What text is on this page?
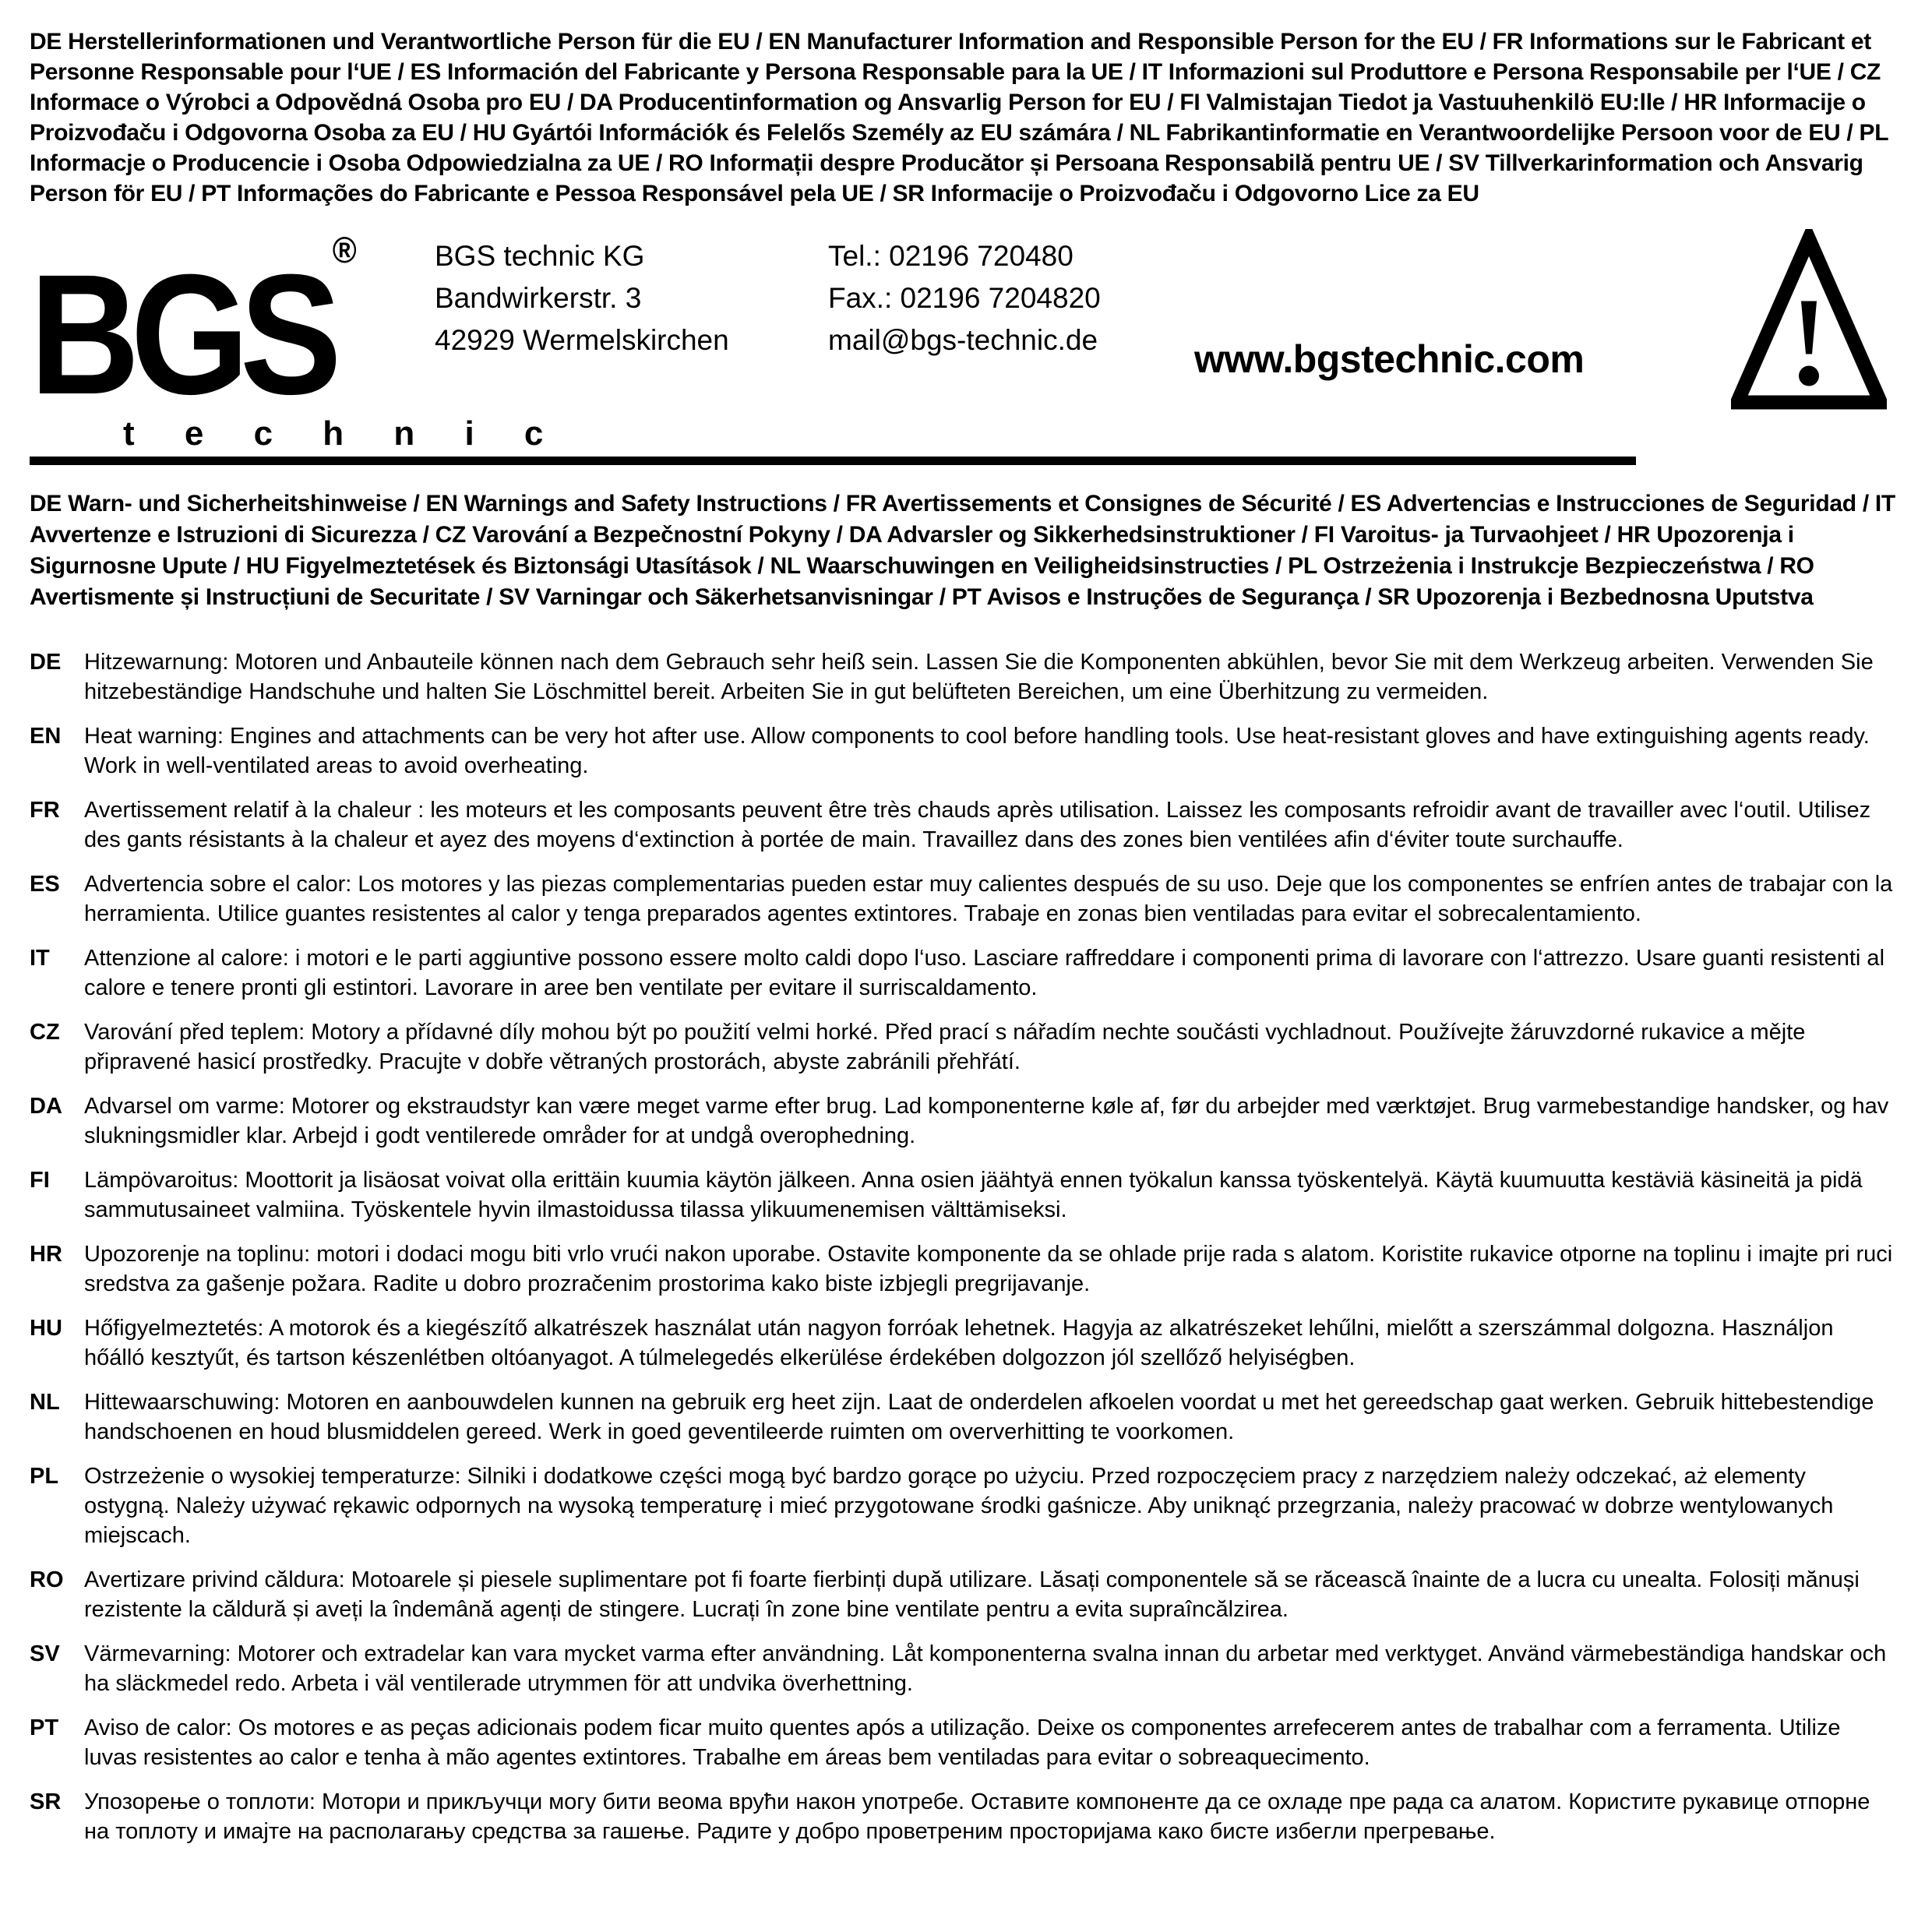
DE Herstellerinformationen und Verantwortliche Person für die EU / EN Manufacturer Information and Responsible Person for the EU / FR Informations sur le Fabricant et Personne Responsable pour l‘UE / ES Información del Fabricante y Persona Responsable para la UE / IT Informazioni sul Produttore e Persona Responsabile per l‘UE / CZ Informace o Výrobci a Odpovědná Osoba pro EU / DA Producentinformation og Ansvarlig Person for EU / FI Valmistajan Tiedot ja Vastuuhenkilö EU:lle / HR Informacije o Proizvođaču i Odgovorna Osoba za EU / HU Gyártói Információk és Felelős Személy az EU számára / NL Fabrikantinformatie en Verantwoordelijke Persoon voor de EU / PL Informacje o Producencie i Osoba Odpowiedzialna za UE / RO Informații despre Producător și Persoana Responsabilă pentru UE / SV Tillverkarinformation och Ansvarig Person för EU / PT Informações do Fabricante e Pessoa Responsável pela UE / SR Informacije o Proizvođaču i Odgovorno Lice za EU

BGS®
t e c h n i c
BGS technic KG
Bandwirkerstr. 3
42929 Wermelskirchen
Tel.: 02196 720480
Fax.: 02196 7204820
mail@bgs-technic.de	www.bgstechnic.com

DE Warn- und Sicherheitshinweise / EN Warnings and Safety Instructions / FR Avertissements et Consignes de Sécurité / ES Advertencias e Instrucciones de Seguridad / IT Avvertenze e Istruzioni di Sicurezza / CZ Varování a Bezpečnostní Pokyny / DA Advarsler og Sikkerhedsinstruktioner / FI Varoitus- ja Turvaohjeet / HR Upozorenja i Sigurnosne Upute / HU Figyelmeztetések és Biztonsági Utasítások / NL Waarschuwingen en Veiligheidsinstructies / PL Ostrzeżenia i Instrukcje Bezpieczeństwa / RO Avertismente și Instrucțiuni de Securitate / SV Varningar och Säkerhetsanvisningar / PT Avisos e Instruções de Segurança / SR Upozorenja i Bezbednosna Uputstva

DE	Hitzewarnung: Motoren und Anbauteile können nach dem Gebrauch sehr heiß sein. Lassen Sie die Komponenten abkühlen, bevor Sie mit dem Werkzeug arbeiten. Verwenden Sie hitzebeständige Handschuhe und halten Sie Löschmittel bereit. Arbeiten Sie in gut belüfteten Bereichen, um eine Überhitzung zu vermeiden.
EN	Heat warning: Engines and attachments can be very hot after use. Allow components to cool before handling tools. Use heat-resistant gloves and have extinguishing agents ready. Work in well-ventilated areas to avoid overheating.
FR	Avertissement relatif à la chaleur : les moteurs et les composants peuvent être très chauds après utilisation. Laissez les composants refroidir avant de travailler avec l‘outil. Utilisez des gants résistants à la chaleur et ayez des moyens d‘extinction à portée de main. Travaillez dans des zones bien ventilées afin d‘éviter toute surchauffe.
ES	Advertencia sobre el calor: Los motores y las piezas complementarias pueden estar muy calientes después de su uso. Deje que los componentes se enfríen antes de trabajar con la herramienta. Utilice guantes resistentes al calor y tenga preparados agentes extintores. Trabaje en zonas bien ventiladas para evitar el sobrecalentamiento.
IT	Attenzione al calore: i motori e le parti aggiuntive possono essere molto caldi dopo l‘uso. Lasciare raffreddare i componenti prima di lavorare con l‘attrezzo. Usare guanti resistenti al calore e tenere pronti gli estintori. Lavorare in aree ben ventilate per evitare il surriscaldamento.
CZ	Varování před teplem: Motory a přídavné díly mohou být po použití velmi horké. Před prací s nářadím nechte součásti vychladnout. Používejte žáruvzdorné rukavice a mějte připravené hasicí prostředky. Pracujte v dobře větraných prostorách, abyste zabránili přehřátí.
DA Advarsel om varme: Motorer og ekstraudstyr kan være meget varme efter brug. Lad komponenterne køle af, før du arbejder med værktøjet. Brug varmebestandige handsker, og hav slukningsmidler klar. Arbejd i godt ventilerede områder for at undgå overophedning.
FI	Lämpövaroitus: Moottorit ja lisäosat voivat olla erittäin kuumia käytön jälkeen. Anna osien jäähtyä ennen työkalun kanssa työskentelyä. Käytä kuumuutta kestäviä käsineitä ja pidä sammutusaineet valmiina. Työskentele hyvin ilmastoidussa tilassa ylikuumenemisen välttämiseksi.
HR Upozorenje na toplinu: motori i dodaci mogu biti vrlo vrući nakon uporabe. Ostavite komponente da se ohlade prije rada s alatom. Koristite rukavice otporne na toplinu i imajte pri ruci sredstva za gašenje požara. Radite u dobro prozračenim prostorima kako biste izbjegli pregrijavanje.
HU Hőfigyelmeztetés: A motorok és a kiegészítő alkatrészek használat után nagyon forróak lehetnek. Hagyja az alkatrészeket lehűlni, mielőtt a szerszámmal dolgozna. Használjon hőálló kesztyűt, és tartson készenlétben oltóanyagot. A túlmelegedés elkerülése érdekében dolgozzon jól szellőző helyiségben.
NL	Hittewaarschuwing: Motoren en aanbouwdelen kunnen na gebruik erg heet zijn. Laat de onderdelen afkoelen voordat u met het gereedschap gaat werken. Gebruik hittebestendige handschoenen en houd blusmiddelen gereed. Werk in goed geventileerde ruimten om oververhitting te voorkomen.
PL	Ostrzeżenie o wysokiej temperaturze: Silniki i dodatkowe części mogą być bardzo gorące po użyciu. Przed rozpoczęciem pracy z narzędziem należy odczekać, aż elementy ostygną. Należy używać rękawic odpornych na wysoką temperaturę i mieć przygotowane środki gaśnicze. Aby uniknąć przegrzania, należy pracować w dobrze wentylowanych miejscach.
RO Avertizare privind căldura: Motoarele și piesele suplimentare pot fi foarte fierbinți după utilizare. Lăsați componentele să se răcească înainte de a lucra cu unealta. Folosiți mănuși rezistente la căldură și aveți la îndemână agenți de stingere. Lucrați în zone bine ventilate pentru a evita supraîncălzirea.
SV	Värmevarning: Motorer och extradelar kan vara mycket varma efter användning. Låt komponenterna svalna innan du arbetar med verktyget. Använd värmebeständiga handskar och ha släckmedel redo. Arbeta i väl ventilerade utrymmen för att undvika överhettning.
PT	Aviso de calor: Os motores e as peças adicionais podem ficar muito quentes após a utilização. Deixe os componentes arrefecerem antes de trabalhar com a ferramenta. Utilize luvas resistentes ao calor e tenha à mão agentes extintores. Trabalhe em áreas bem ventiladas para evitar o sobreaquecimento.
SR	Упозорење о топлоти: Мотори и прикључци могу бити веома врући након употребе. Оставите компоненте да се охладе пре рада са алатом. Користите рукавице отпорне на топлоту и имајте на располагању средства за гашење. Радите у добро проветреним просторијама како бисте избегли прегревање.
